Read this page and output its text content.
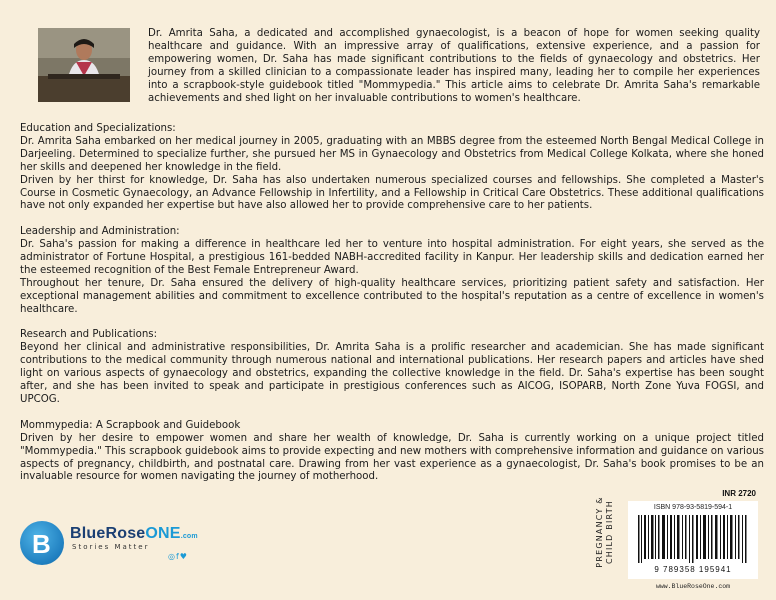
Dr. Amrita Saha, a dedicated and accomplished gynaecologist, is a beacon of hope for women seeking quality healthcare and guidance. With an impressive array of qualifications, extensive experience, and a passion for empowering women, Dr. Saha has made significant contributions to the fields of gynaecology and obstetrics. Her journey from a skilled clinician to a compassionate leader has inspired many, leading her to compile her experiences into a scrapbook-style guidebook titled "Mommypedia." This article aims to celebrate Dr. Amrita Saha's remarkable achievements and shed light on her invaluable contributions to women's healthcare.

Education and Specializations:

Dr. Amrita Saha embarked on her medical journey in 2005, graduating with an MBBS degree from the esteemed North Bengal Medical College in Darjeeling. Determined to specialize further, she pursued her MS in Gynaecology and Obstetrics from Medical College Kolkata, where she honed her skills and deepened her knowledge in the field.

Driven by her thirst for knowledge, Dr. Saha has also undertaken numerous specialized courses and fellowships. She completed a Master's Course in Cosmetic Gynaecology, an Advance Fellowship in Infertility, and a Fellowship in Critical Care Obstetrics. These additional qualifications have not only expanded her expertise but have also allowed her to provide comprehensive care to her patients.

Leadership and Administration:

Dr. Saha's passion for making a difference in healthcare led her to venture into hospital administration. For eight years, she served as the administrator of Fortune Hospital, a prestigious 161-bedded NABH-accredited facility in Kanpur. Her leadership skills and dedication earned her the esteemed recognition of the Best Female Entrepreneur Award.

Throughout her tenure, Dr. Saha ensured the delivery of high-quality healthcare services, prioritizing patient safety and satisfaction. Her exceptional management abilities and commitment to excellence contributed to the hospital's reputation as a centre of excellence in women's healthcare.

Research and Publications:

Beyond her clinical and administrative responsibilities, Dr. Amrita Saha is a prolific researcher and academician. She has made significant contributions to the medical community through numerous national and international publications. Her research papers and articles have shed light on various aspects of gynaecology and obstetrics, expanding the collective knowledge in the field. Dr. Saha's expertise has been sought after, and she has been invited to speak and participate in prestigious conferences such as AICOG, ISOPARB, North Zone Yuva FOGSI, and UPCOG.

Mommypedia: A Scrapbook and Guidebook

Driven by her desire to empower women and share her wealth of knowledge, Dr. Saha is currently working on a unique project titled "Mommypedia." This scrapbook guidebook aims to provide expecting and new mothers with comprehensive information and guidance on various aspects of pregnancy, childbirth, and postnatal care. Drawing from her vast experience as a gynaecologist, Dr. Saha's book promises to be an invaluable resource for women navigating the journey of motherhood.

B BlueRoseONE.com
Stories Matter
◎f♥	PREGNANCY &
CHILD BIRTH
INR 2720
ISBN 978-93-5819-594-1
9 789358 195941
www.BlueRoseOne.com
